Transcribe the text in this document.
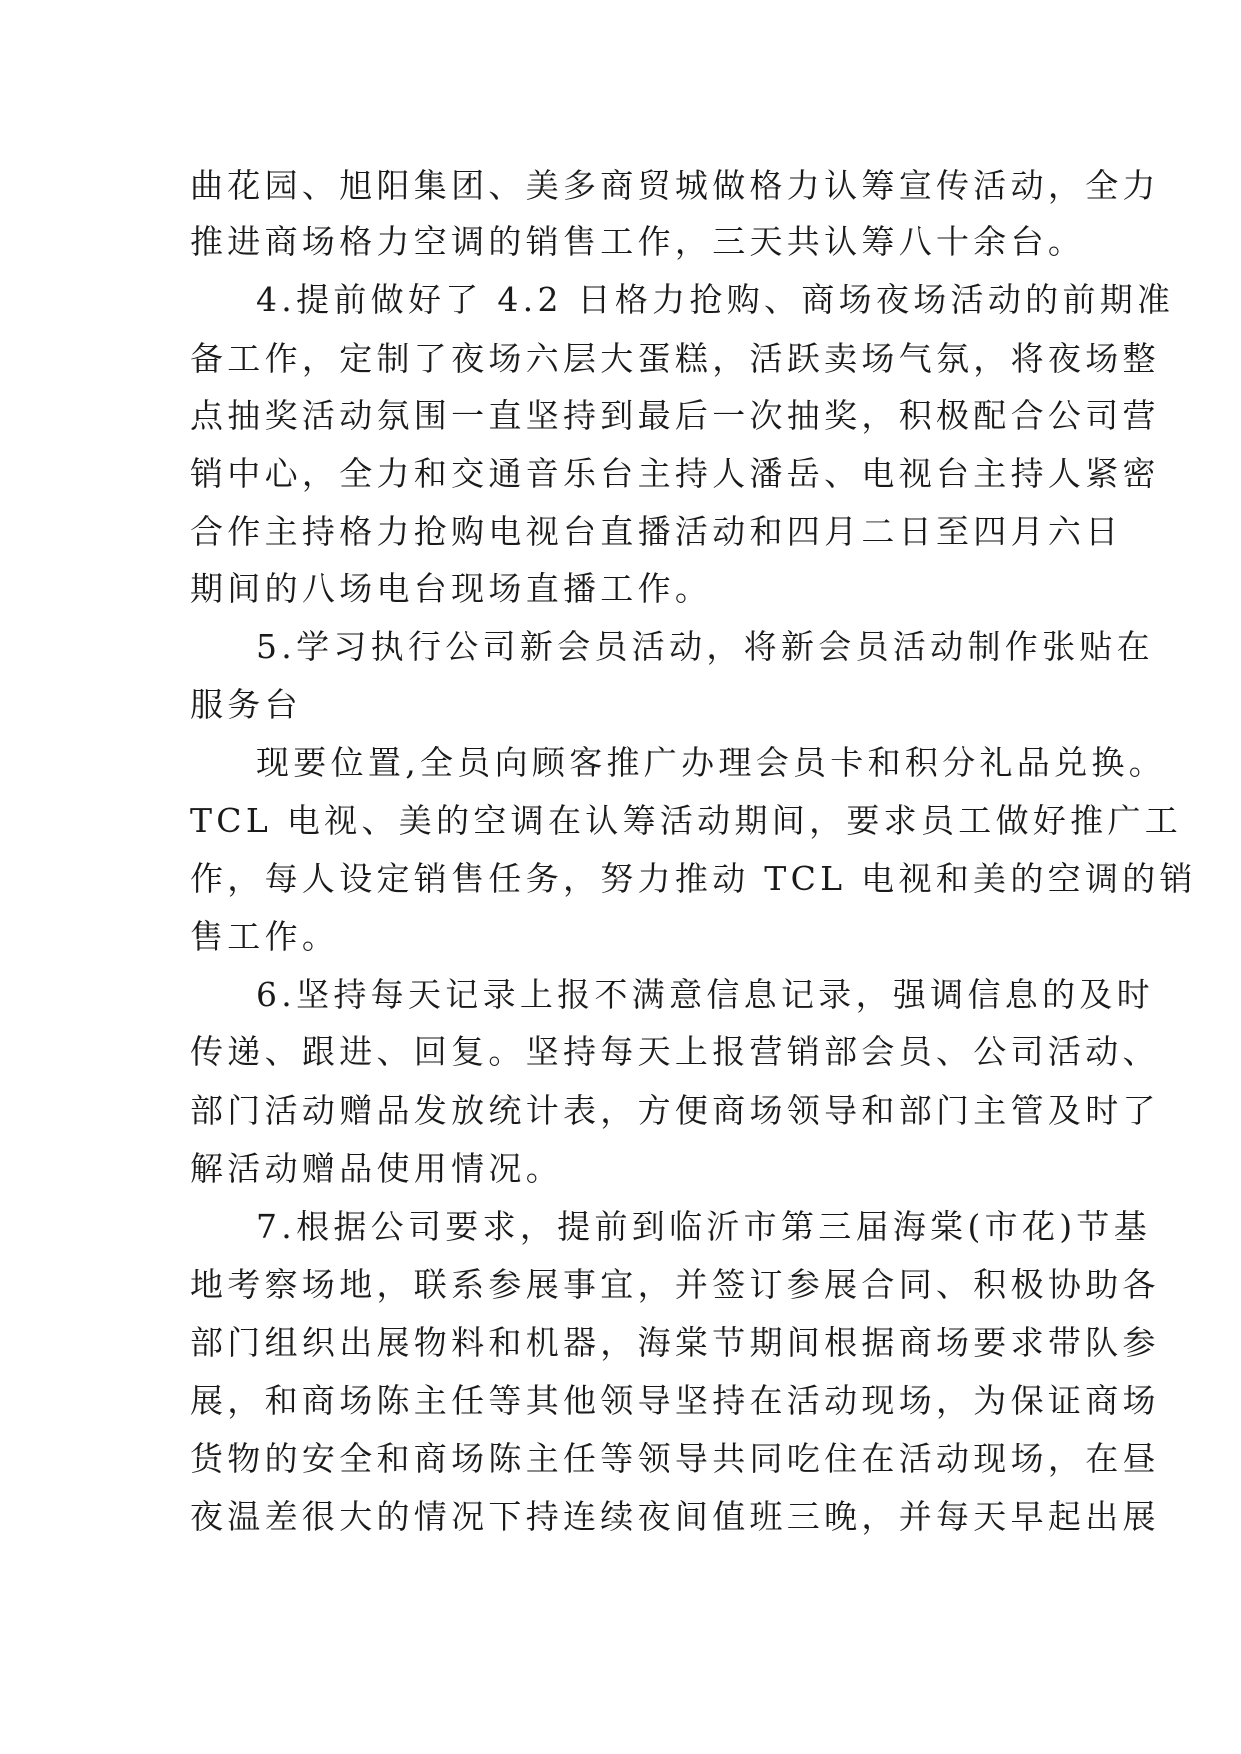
曲花园、旭阳集团、美多商贸城做格力认筹宣传活动，全力
推进商场格力空调的销售工作，三天共认筹八十余台。
4.提前做好了 4.2 日格力抢购、商场夜场活动的前期准
备工作，定制了夜场六层大蛋糕，活跃卖场气氛，将夜场整
点抽奖活动氛围一直坚持到最后一次抽奖，积极配合公司营
销中心，全力和交通音乐台主持人潘岳、电视台主持人紧密
合作主持格力抢购电视台直播活动和四月二日至四月六日
期间的八场电台现场直播工作。
5.学习执行公司新会员活动，将新会员活动制作张贴在
服务台
现要位置,全员向顾客推广办理会员卡和积分礼品兑换。
TCL 电视、美的空调在认筹活动期间，要求员工做好推广工
作，每人设定销售任务，努力推动 TCL 电视和美的空调的销
售工作。
6.坚持每天记录上报不满意信息记录，强调信息的及时
传递、跟进、回复。坚持每天上报营销部会员、公司活动、
部门活动赠品发放统计表，方便商场领导和部门主管及时了
解活动赠品使用情况。
7.根据公司要求，提前到临沂市第三届海棠(市花)节基
地考察场地，联系参展事宜，并签订参展合同、积极协助各
部门组织出展物料和机器，海棠节期间根据商场要求带队参
展，和商场陈主任等其他领导坚持在活动现场，为保证商场
货物的安全和商场陈主任等领导共同吃住在活动现场，在昼
夜温差很大的情况下持连续夜间值班三晚，并每天早起出展
